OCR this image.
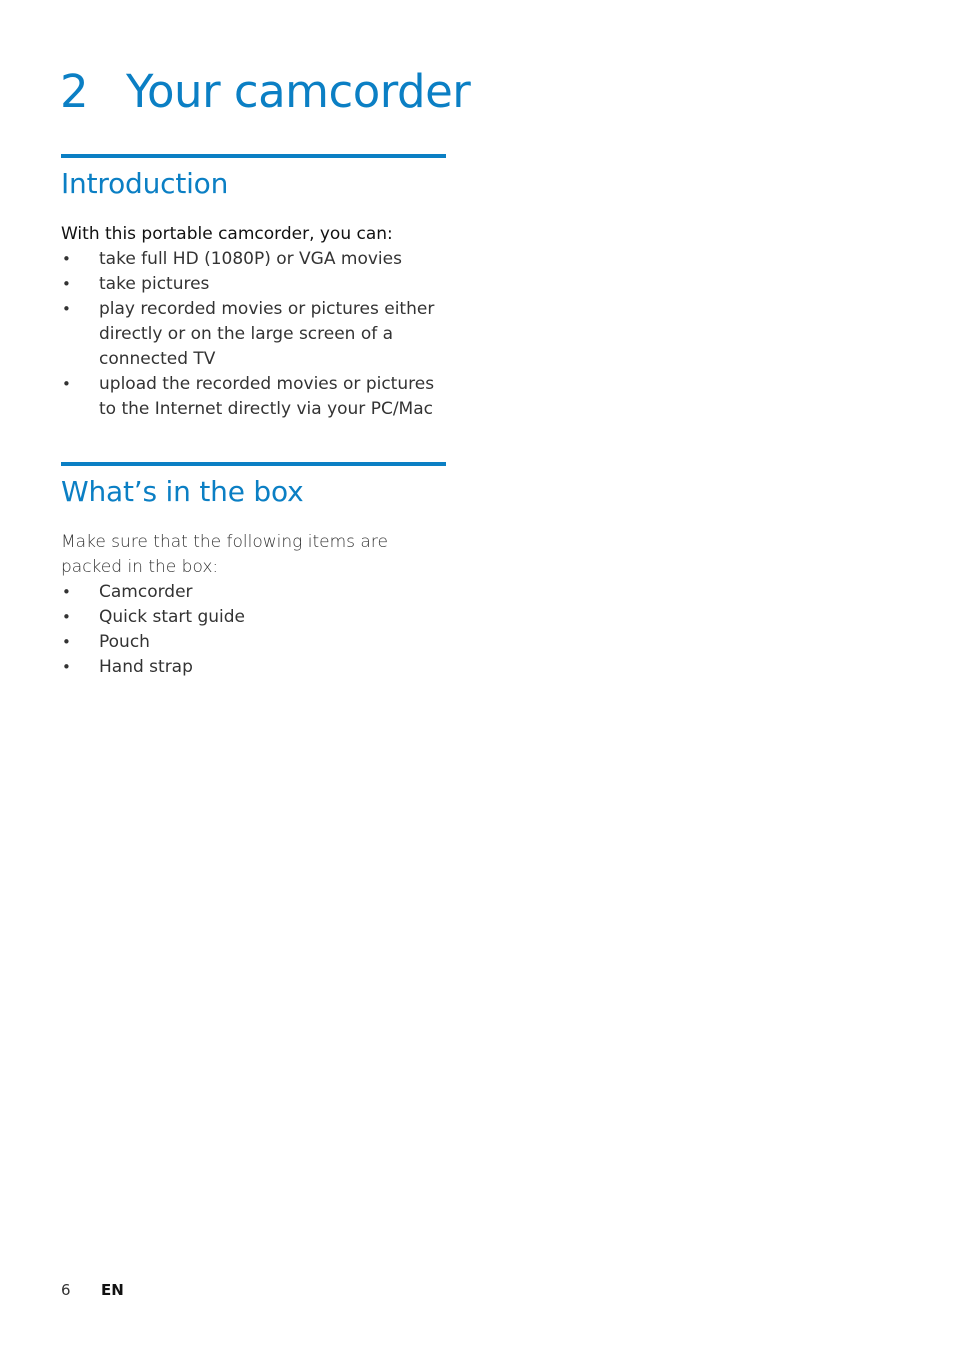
2 Your camcorder
Introduction

With this portable camcorder, you can:

• take full HD (1080P) or VGA movies
• take pictures
• play recorded movies or pictures either directly or on the large screen of a connected TV
• upload the recorded movies or pictures to the Internet directly via your PC/Mac
What’s in the box

Make sure that the following items are packed in the box:

• Camcorder
• Quick start guide
• Pouch
• Hand strap
6 EN
